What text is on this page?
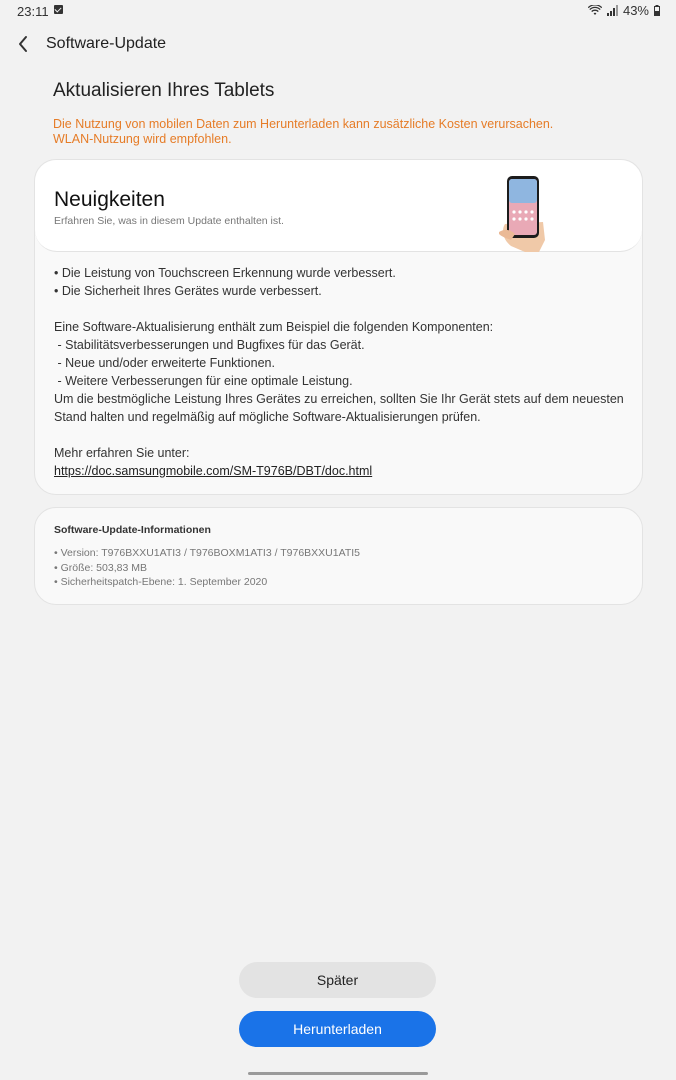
23:11	43%
Software-Update
Aktualisieren Ihres Tablets
Die Nutzung von mobilen Daten zum Herunterladen kann zusätzliche Kosten verursachen.
WLAN-Nutzung wird empfohlen.
Neuigkeiten
Erfahren Sie, was in diesem Update enthalten ist.
• Die Leistung von Touchscreen Erkennung wurde verbessert.
• Die Sicherheit Ihres Gerätes wurde verbessert.
Eine Software-Aktualisierung enthält zum Beispiel die folgenden Komponenten:
- Stabilitätsverbesserungen und Bugfixes für das Gerät.
- Neue und/oder erweiterte Funktionen.
- Weitere Verbesserungen für eine optimale Leistung.
Um die bestmögliche Leistung Ihres Gerätes zu erreichen, sollten Sie Ihr Gerät stets auf dem neuesten
Stand halten und regelmäßig auf mögliche Software-Aktualisierungen prüfen.
Mehr erfahren Sie unter:
https://doc.samsungmobile.com/SM-T976B/DBT/doc.html
Software-Update-Informationen
• Version: T976BXXU1ATI3 / T976BOXM1ATI3 / T976BXXU1ATI5
• Größe: 503,83 MB
• Sicherheitspatch-Ebene: 1. September 2020
Später
Herunterladen
